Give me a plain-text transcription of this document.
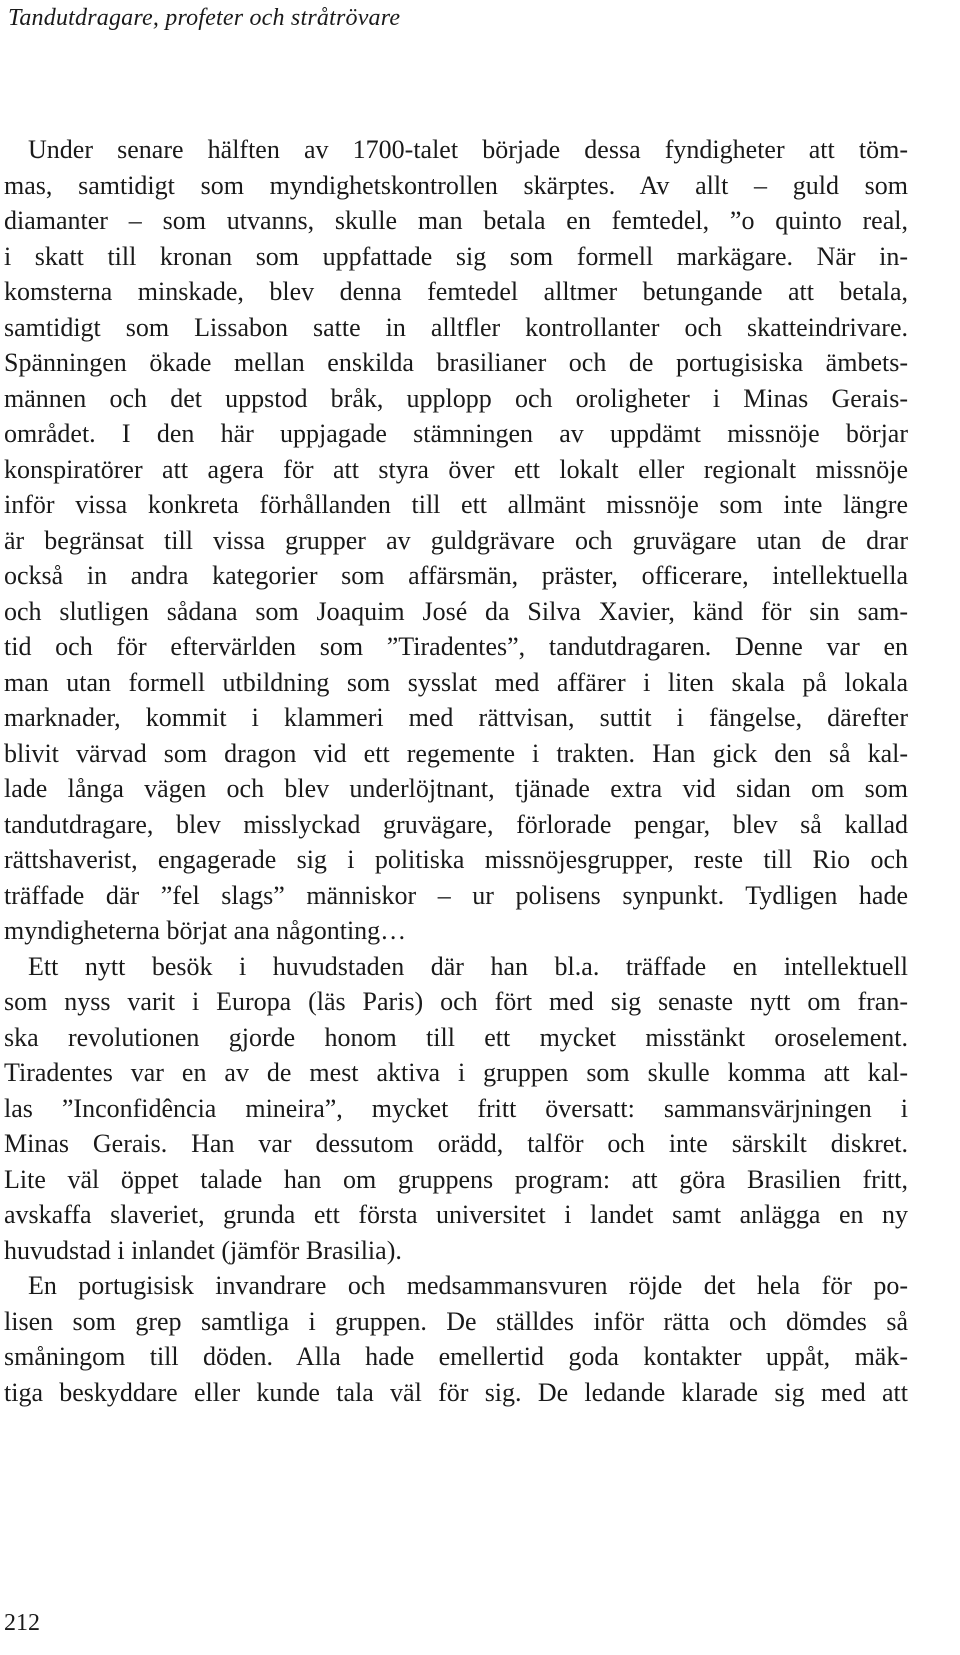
Tandutdragare, profeter och stråtrövare

Under senare hälften av 1700-talet började dessa fyndigheter att töm-
mas, samtidigt som myndighetskontrollen skärptes. Av allt – guld som
diamanter – som utvanns, skulle man betala en femtedel, ”o quinto real,
i skatt till kronan som uppfattade sig som formell markägare. När in-
komsterna minskade, blev denna femtedel alltmer betungande att betala,
samtidigt som Lissabon satte in alltfler kontrollanter och skatteindrivare.
Spänningen ökade mellan enskilda brasilianer och de portugisiska ämbets-
männen och det uppstod bråk, upplopp och oroligheter i Minas Gerais-
området. I den här uppjagade stämningen av uppdämt missnöje börjar
konspiratörer att agera för att styra över ett lokalt eller regionalt missnöje
inför vissa konkreta förhållanden till ett allmänt missnöje som inte längre
är begränsat till vissa grupper av guldgrävare och gruvägare utan de drar
också in andra kategorier som affärsmän, präster, officerare, intellektuella
och slutligen sådana som Joaquim José da Silva Xavier, känd för sin sam-
tid och för eftervärlden som ”Tiradentes”, tandutdragaren. Denne var en
man utan formell utbildning som sysslat med affärer i liten skala på lokala
marknader, kommit i klammeri med rättvisan, suttit i fängelse, därefter
blivit värvad som dragon vid ett regemente i trakten. Han gick den så kal-
lade långa vägen och blev underlöjtnant, tjänade extra vid sidan om som
tandutdragare, blev misslyckad gruvägare, förlorade pengar, blev så kallad
rättshaverist, engagerade sig i politiska missnöjesgrupper, reste till Rio och
träffade där ”fel slags” människor – ur polisens synpunkt. Tydligen hade
myndigheterna börjat ana någonting…

Ett nytt besök i huvudstaden där han bl.a. träffade en intellektuell
som nyss varit i Europa (läs Paris) och fört med sig senaste nytt om fran-
ska revolutionen gjorde honom till ett mycket misstänkt oroselement.
Tiradentes var en av de mest aktiva i gruppen som skulle komma att kal-
las ”Inconfidência mineira”, mycket fritt översatt: sammansvärjningen i
Minas Gerais. Han var dessutom orädd, talför och inte särskilt diskret.
Lite väl öppet talade han om gruppens program: att göra Brasilien fritt,
avskaffa slaveriet, grunda ett första universitet i landet samt anlägga en ny
huvudstad i inlandet (jämför Brasilia).

En portugisisk invandrare och medsammansvuren röjde det hela för po-
lisen som grep samtliga i gruppen. De ställdes inför rätta och dömdes så
småningom till döden. Alla hade emellertid goda kontakter uppåt, mäk-
tiga beskyddare eller kunde tala väl för sig. De ledande klarade sig med att

212
